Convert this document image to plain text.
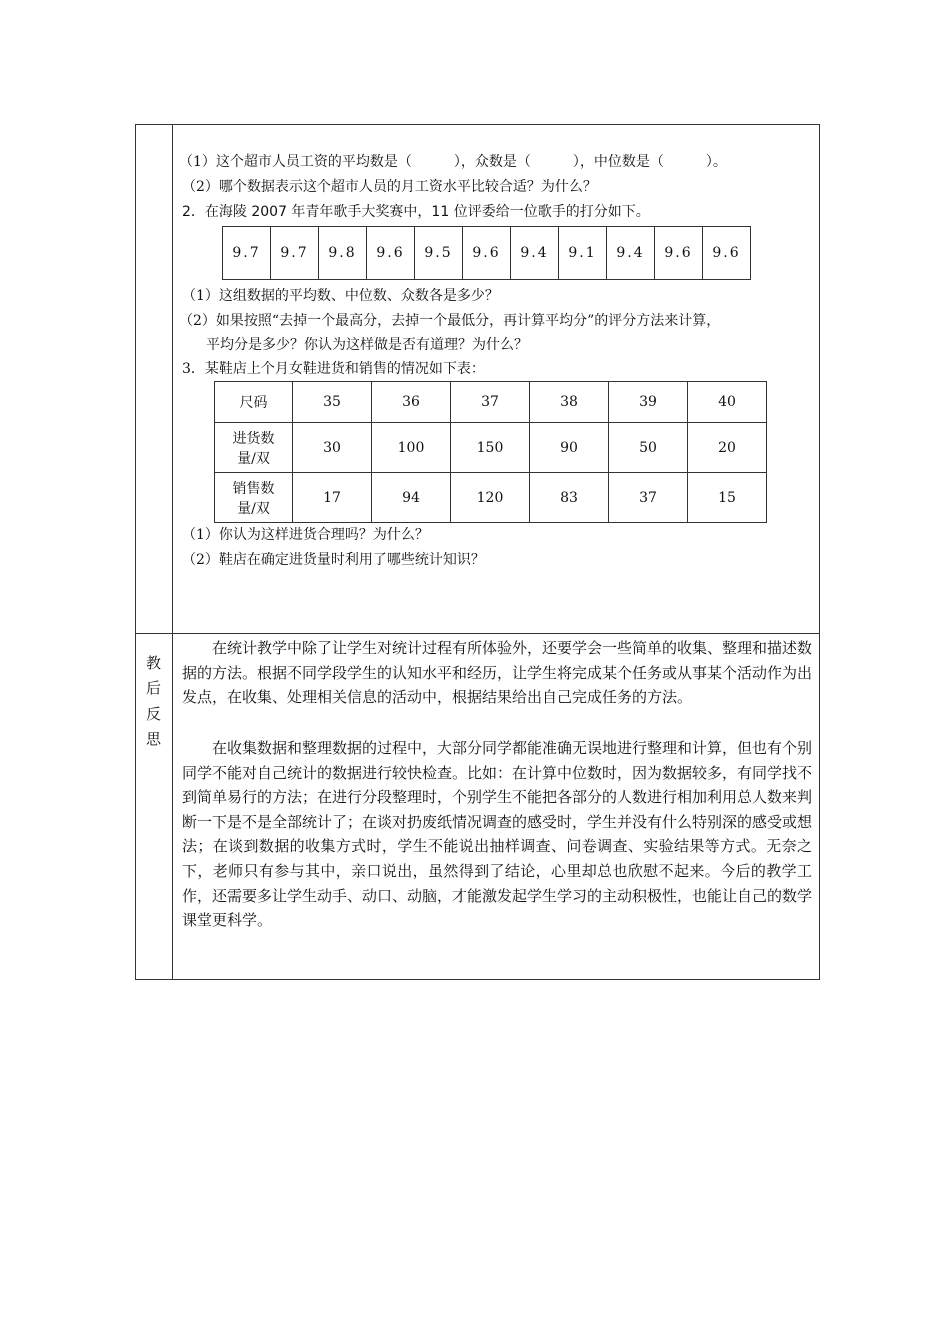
（1）这个超市人员工资的平均数是（　　　），众数是（　　　），中位数是（　　　）。
（2）哪个数据表示这个超市人员的月工资水平比较合适？为什么？
2．在海陵 2007 年青年歌手大奖赛中，11 位评委给一位歌手的打分如下。
9.7	9.7	9.8	9.6	9.5	9.6	9.4	9.1	9.4	9.6	9.6
（1）这组数据的平均数、中位数、众数各是多少？
（2）如果按照“去掉一个最高分，去掉一个最低分，再计算平均分”的评分方法来计算，
平均分是多少？你认为这样做是否有道理？为什么？
3．某鞋店上个月女鞋进货和销售的情况如下表：
尺码	35	36	37	38	39	40

进货数
量/双	30	100	150	90	50	20

销售数
量/双	17	94	120	83	37	15
（1）你认为这样进货合理吗？为什么？
（2）鞋店在确定进货量时利用了哪些统计知识？
教
后
反
思
在统计教学中除了让学生对统计过程有所体验外，还要学会一些简单的收集、整理和描述数据的方法。根据不同学段学生的认知水平和经历，让学生将完成某个任务或从事某个活动作为出发点，在收集、处理相关信息的活动中，根据结果给出自己完成任务的方法。
在收集数据和整理数据的过程中，大部分同学都能准确无误地进行整理和计算，但也有个别同学不能对自己统计的数据进行较快检查。比如：在计算中位数时，因为数据较多，有同学找不到简单易行的方法；在进行分段整理时，个别学生不能把各部分的人数进行相加利用总人数来判断一下是不是全部统计了；在谈对扔废纸情况调查的感受时，学生并没有什么特别深的感受或想法；在谈到数据的收集方式时，学生不能说出抽样调查、问卷调查、实验结果等方式。无奈之下，老师只有参与其中，亲口说出，虽然得到了结论，心里却总也欣慰不起来。今后的教学工作，还需要多让学生动手、动口、动脑，才能激发起学生学习的主动积极性，也能让自己的数学课堂更科学。
